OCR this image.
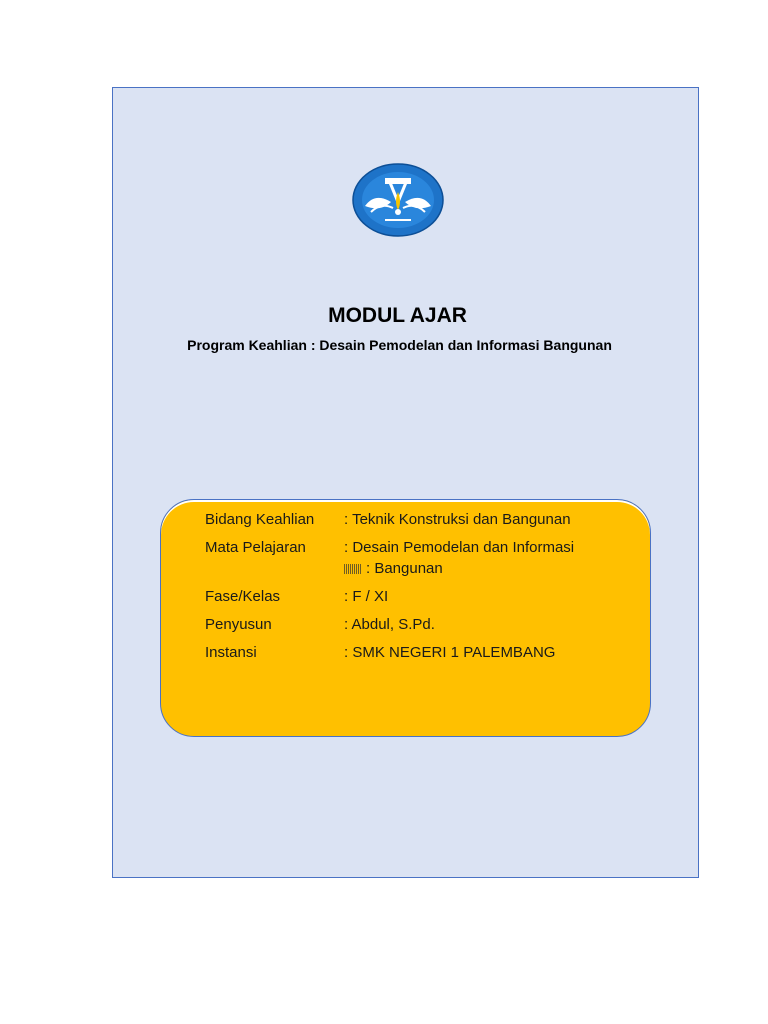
MODUL AJAR
Program Keahlian : Desain Pemodelan dan Informasi Bangunan
Bidang Keahlian : Teknik Konstruksi dan Bangunan
Mata Pelajaran	: Desain Pemodelan dan Informasi
: Bangunan
Fase/Kelas	: F / XI
Penyusun	: Abdul, S.Pd.
Instansi	: SMK NEGERI 1 PALEMBANG
